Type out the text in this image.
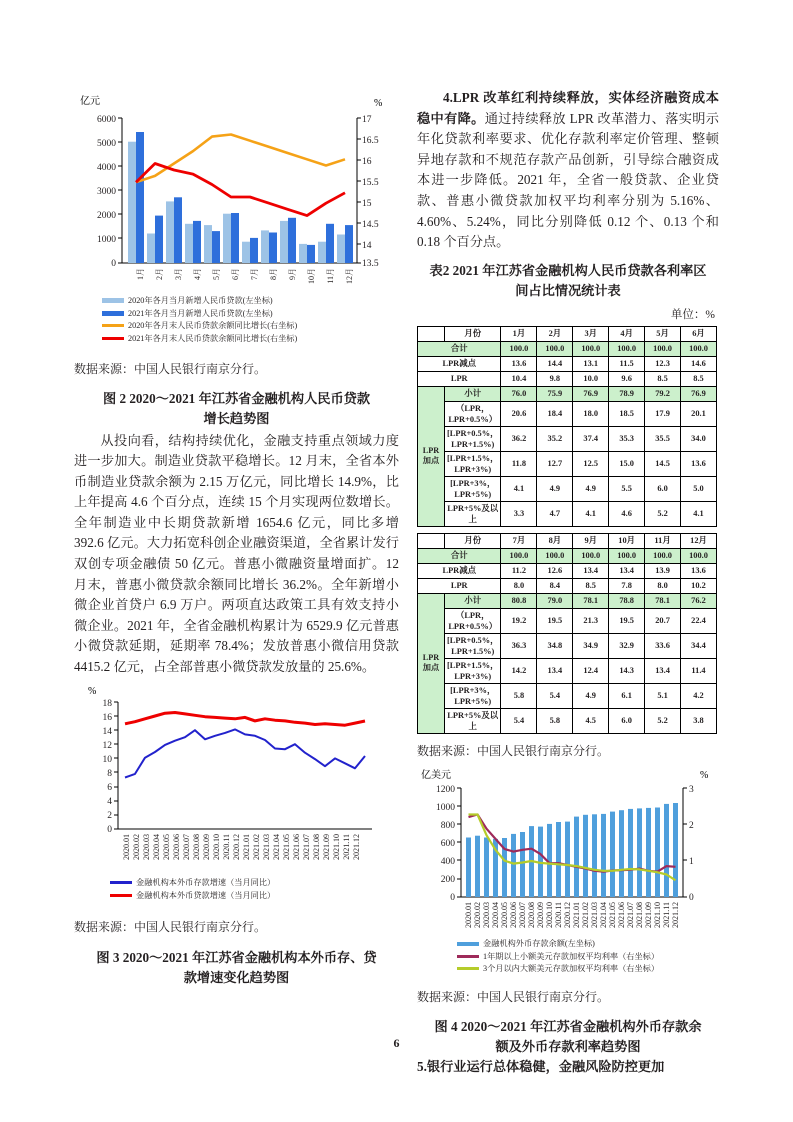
亿元	%
6000
5000
4000
3000
2000
1000
0
17
16.5
16
15.5
15
14.5
14
13.5
1月 2月 3月 4月 5月 6月 7月 8月 9月 10月 11月 12月
2020年各月当月新增人民币贷款(左坐标)
2021年各月当月新增人民币贷款(左坐标)
2020年各月末人民币贷款余额同比增长(右坐标)
2021年各月末人民币贷款余额同比增长(右坐标)

数据来源：中国人民银行南京分行。

图 2 2020～2021 年江苏省金融机构人民币贷款

增长趋势图

从投向看，结构持续优化，金融支持重点领域力度进一步加大。制造业贷款平稳增长。12 月末，全省本外币制造业贷款余额为 2.15 万亿元，同比增长 14.9%，比上年提高 4.6 个百分点，连续 15 个月实现两位数增长。全年制造业中长期贷款新增 1654.6 亿元，同比多增 392.6 亿元。大力拓宽科创企业融资渠道，全省累计发行双创专项金融债 50 亿元。普惠小微融资量增面扩。12 月末，普惠小微贷款余额同比增长 36.2%。全年新增小微企业首贷户 6.9 万户。两项直达政策工具有效支持小微企业。2021 年，全省金融机构累计为 6529.9 亿元普惠小微贷款延期，延期率 78.4%；发放普惠小微信用贷款 4415.2 亿元，占全部普惠小微贷款发放量的 25.6%。

%
18
16
14
12
10
8
6
4
2
0
2020.01 2020.02 2020.03 2020.04 2020.05 2020.06 2020.07 2020.08 2020.09 2020.10 2020.11 2020.12 2021.01 2021.02 2021.03 2021.04 2021.05 2021.06 2021.07 2021.08 2021.09 2021.10 2021.11 2021.12
金融机构本外币存款增速（当月同比）
金融机构本外币贷款增速（当月同比）

数据来源：中国人民银行南京分行。

图 3 2020～2021 年江苏省金融机构本外币存、贷

款增速变化趋势图

4.LPR 改革红利持续释放，实体经济融资成本稳中有降。通过持续释放 LPR 改革潜力、落实明示年化贷款利率要求、优化存款利率定价管理、整顿异地存款和不规范存款产品创新，引导综合融资成本进一步降低。2021 年，全省一般贷款、企业贷款、普惠小微贷款加权平均利率分别为 5.16%、4.60%、5.24%，同比分别降低 0.12 个、0.13 个和 0.18 个百分点。

表2 2021 年江苏省金融机构人民币贷款各利率区

间占比情况统计表

单位：%

	月份	1月	2月	3月	4月	5月	6月
合计		100.0	100.0	100.0	100.0	100.0	100.0
LPR减点		13.6	14.4	13.1	11.5	12.3	14.6
LPR		10.4	9.8	10.0	9.6	8.5	8.5
LPR
加点	小计	76.0	75.9	76.9	78.9	79.2	76.9
	（LPR，LPR+0.5%）	20.6	18.4	18.0	18.5	17.9	20.1
	[LPR+0.5%，LPR+1.5%)	36.2	35.2	37.4	35.3	35.5	34.0
	[LPR+1.5%，LPR+3%)	11.8	12.7	12.5	15.0	14.5	13.6
	[LPR+3%，LPR+5%)	4.1	4.9	4.9	5.5	6.0	5.0
	LPR+5%及以上	3.3	4.7	4.1	4.6	5.2	4.1
	月份	7月	8月	9月	10月	11月	12月
合计		100.0	100.0	100.0	100.0	100.0	100.0
LPR减点		11.2	12.6	13.4	13.4	13.9	13.6
LPR		8.0	8.4	8.5	7.8	8.0	10.2
LPR
加点	小计	80.8	79.0	78.1	78.8	78.1	76.2
	（LPR，LPR+0.5%）	19.2	19.5	21.3	19.5	20.7	22.4
	[LPR+0.5%，LPR+1.5%)	36.3	34.8	34.9	32.9	33.6	34.4
	[LPR+1.5%，LPR+3%)	14.2	13.4	12.4	14.3	13.4	11.4
	[LPR+3%，LPR+5%)	5.8	5.4	4.9	6.1	5.1	4.2
	LPR+5%及以上	5.4	5.8	4.5	6.0	5.2	3.8

数据来源：中国人民银行南京分行。

亿美元	%
1200
1000
800
600
400
200
0
3
2
1
0
2020.01 2020.02 2020.03 2020.04 2020.05 2020.06 2020.07 2020.08 2020.09 2020.10 2020.11 2020.12 2021.01 2021.02 2021.03 2021.04 2021.05 2021.06 2021.07 2021.08 2021.09 2021.10 2021.11 2021.12
金融机构外币存款余额(左坐标)
1年期以上小额美元存款加权平均利率（右坐标）
3个月以内大额美元存款加权平均利率（右坐标）

数据来源：中国人民银行南京分行。

图 4 2020～2021 年江苏省金融机构外币存款余

额及外币存款利率趋势图

5.银行业运行总体稳健，金融风险防控更加

6
